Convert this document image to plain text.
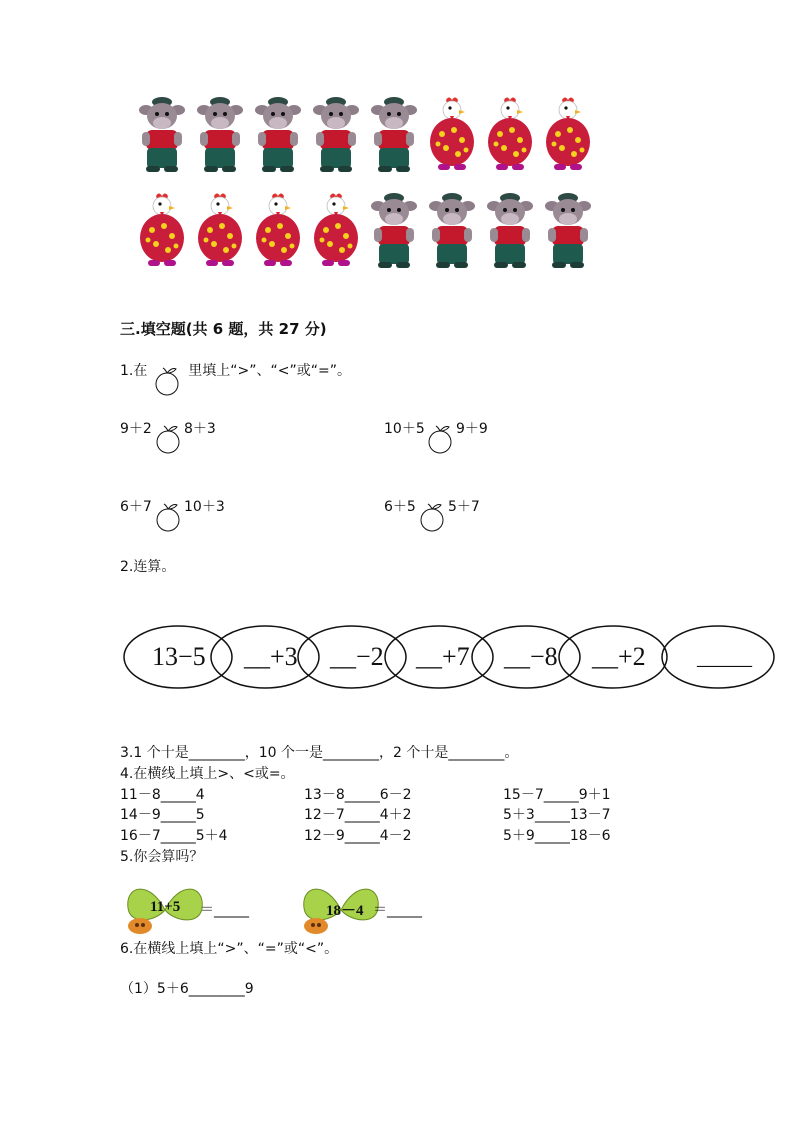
三.填空题(共 6 题，共 27 分)
1.在	里填上“>”、“<”或“=”。
9＋2 8＋3	10＋5 9＋9
6＋7 10＋3	6＋5 5＋7
2.连算。
13−5 __+3 __−2 __+7 __−8 __+2 _____
3.1 个十是________，10 个一是________，2 个十是________。
4.在横线上填上>、<或=。
11－8_____4	13－8_____6－2	15－7_____9＋1
14－9_____5	12－7_____4＋2	5＋3_____13－7
16－7_____5＋4	12－9_____4－2	5＋9_____18－6
5.你会算吗？
11+5 ＝_____	18－4 ＝_____
6.在横线上填上“>”、“=”或“<”。
（1）5＋6________9
